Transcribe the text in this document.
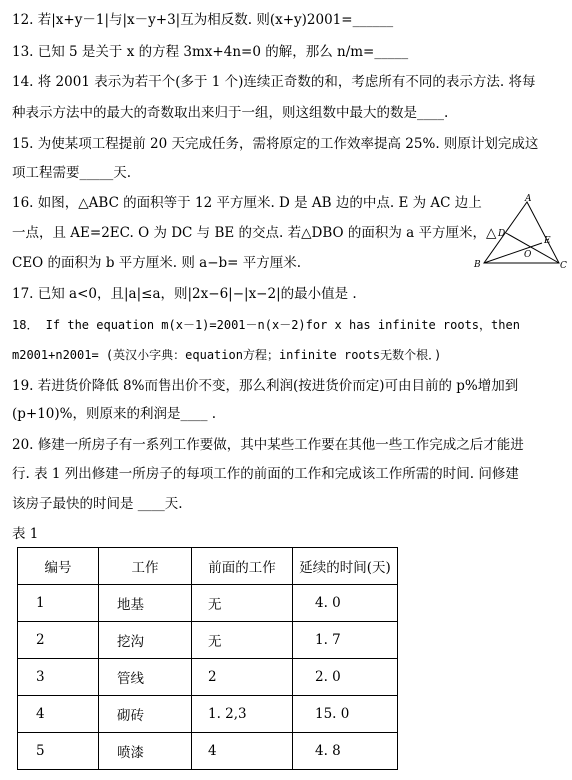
12. 若|x+y－1|与|x－y+3|互为相反数. 则(x+y)2001=______
13. 已知 5 是关于 x 的方程 3mx+4n=0 的解，那么 n/m=_____
14. 将 2001 表示为若干个(多于 1 个)连续正奇数的和，考虑所有不同的表示方法. 将每
种表示方法中的最大的奇数取出来归于一组，则这组数中最大的数是____.
15. 为使某项工程提前 20 天完成任务，需将原定的工作效率提高 25%. 则原计划完成这
项工程需要_____天.
16. 如图，△ABC 的面积等于 12 平方厘米. D 是 AB 边的中点. E 为 AC 边上
一点，且 AE=2EC. O 为 DC 与 BE 的交点. 若△DBO 的面积为 a 平方厘米，△
CEO 的面积为 b 平方厘米. 则 a−b= 平方厘米.
17. 已知 a<0，且|a|≤a，则|2x−6|−|x−2|的最小值是 .
18． If the equation m(x－1)=2001－n(x－2)for x has infinite roots，then
m2001+n2001= (英汉小字典：equation方程；infinite roots无数个根．)
19. 若进货价降低 8%而售出价不变，那么利润(按进货价而定)可由目前的 p%增加到
(p+10)%，则原来的利润是____ .
20. 修建一所房子有一系列工作要做，其中某些工作要在其他一些工作完成之后才能进
行. 表 1 列出修建一所房子的每项工作的前面的工作和完成该工作所需的时间. 问修建
该房子最快的时间是 ____天.
A
B	C
D
E
O
表 1
编号	工作	前面的工作	延续的时间(天)
1	地基	无	4. 0
2	挖沟	无	1. 7
3	管线	2	2. 0
4	砌砖	1. 2,3	15. 0
5	喷漆	4	4. 8
